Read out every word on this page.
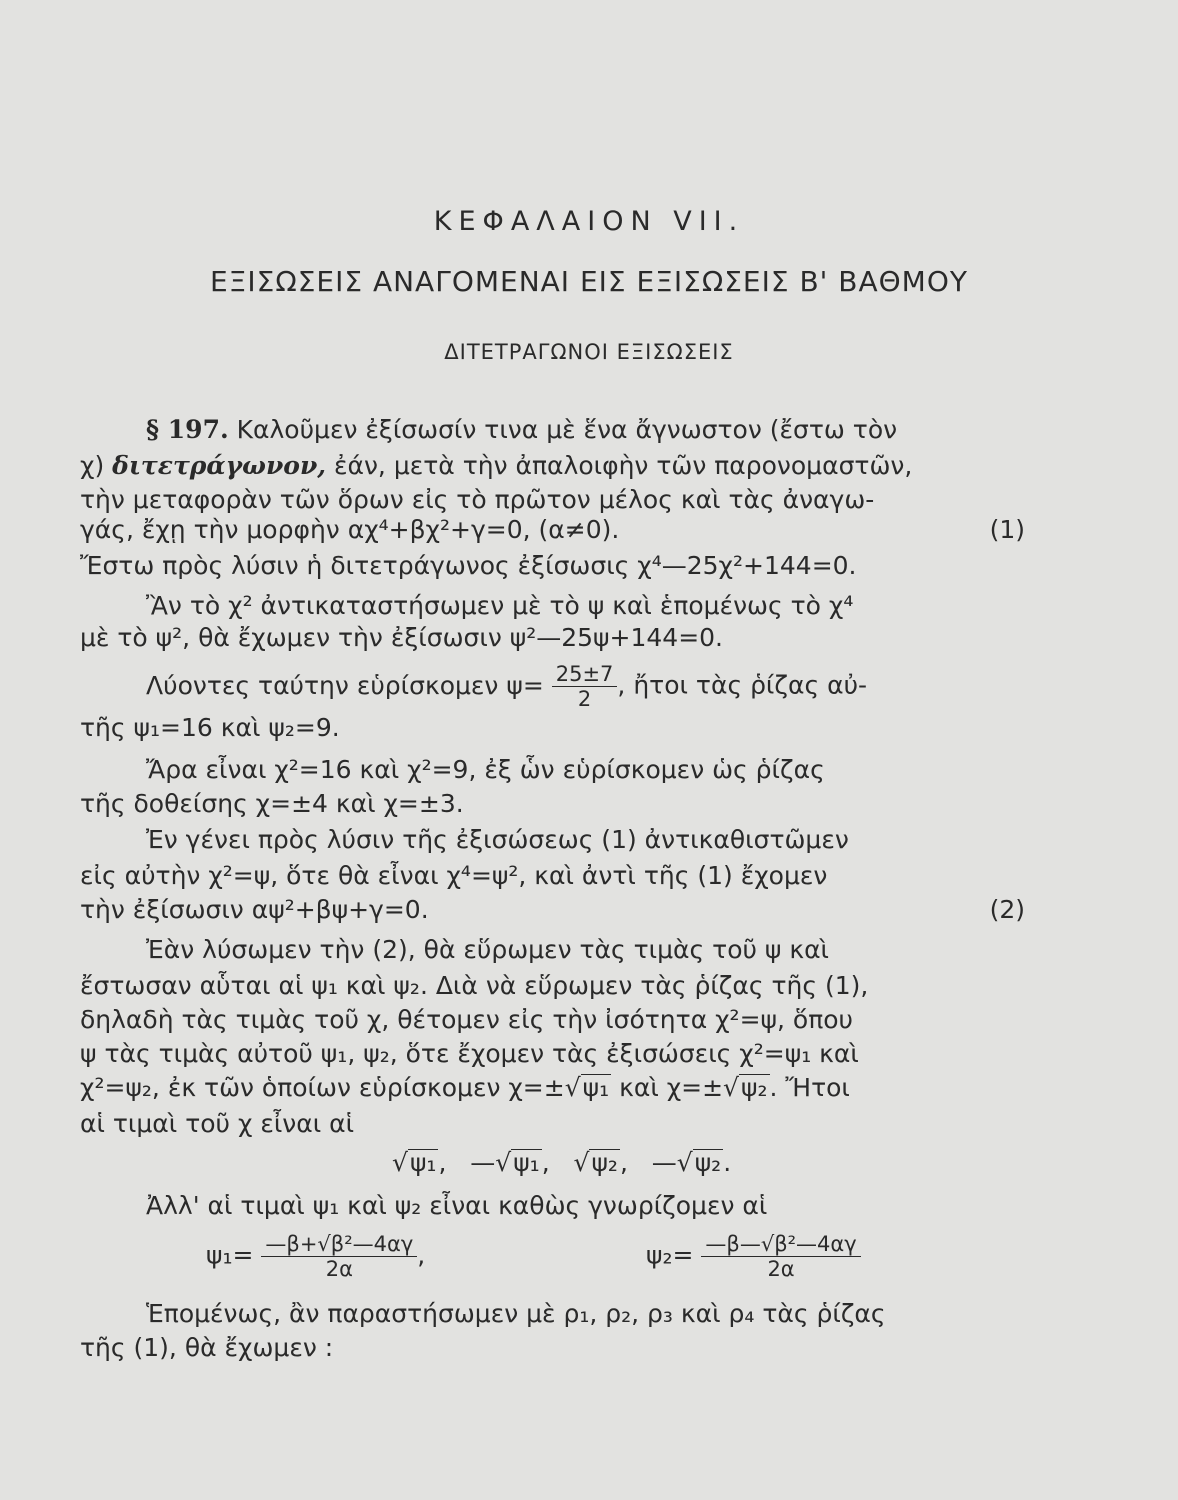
ΚΕΦΑΛΑΙΟΝ VII.
ΕΞΙΣΩΣΕΙΣ ΑΝΑΓΟΜΕΝΑΙ ΕΙΣ ΕΞΙΣΩΣΕΙΣ Β' ΒΑΘΜΟΥ
ΔΙΤΕΤΡΑΓΩΝΟΙ ΕΞΙΣΩΣΕΙΣ
§ 197. Καλοῦμεν ἐξίσωσίν τινα μὲ ἕνα ἄγνωστον (ἔστω τὸν
χ) διτετράγωνον, ἐάν, μετὰ τὴν ἀπαλοιφὴν τῶν παρονομαστῶν,
τὴν μεταφορὰν τῶν ὅρων εἰς τὸ πρῶτον μέλος καὶ τὰς ἀναγω-
γάς, ἔχῃ τὴν μορφὴν αχ⁴+βχ²+γ=0, (α≠0).	(1)
Ἔστω πρὸς λύσιν ἡ διτετράγωνος ἐξίσωσις χ⁴—25χ²+144=0.
Ἂν τὸ χ² ἀντικαταστήσωμεν μὲ τὸ ψ καὶ ἑπομένως τὸ χ⁴
μὲ τὸ ψ², θὰ ἔχωμεν τὴν ἐξίσωσιν ψ²—25ψ+144=0.
Λύοντες ταύτην εὑρίσκομεν $\psi= \frac{25\pm 7}{2}$ , ἤτοι τὰς ῥίζας αὐ-
τῆς ψ₁=16 καὶ ψ₂=9.
Ἄρα εἶναι χ²=16 καὶ χ²=9, ἐξ ὧν εὑρίσκομεν ὡς ῥίζας
τῆς δοθείσης χ=±4 καὶ χ=±3.
Ἐν γένει πρὸς λύσιν τῆς ἐξισώσεως (1) ἀντικαθιστῶμεν
εἰς αὐτὴν χ²=ψ, ὅτε θὰ εἶναι χ⁴=ψ², καὶ ἀντὶ τῆς (1) ἔχομεν
τὴν ἐξίσωσιν αψ²+βψ+γ=0.	(2)
Ἐὰν λύσωμεν τὴν (2), θὰ εὕρωμεν τὰς τιμὰς τοῦ ψ καὶ
ἔστωσαν αὗται αἱ ψ₁ καὶ ψ₂. Διὰ νὰ εὕρωμεν τὰς ῥίζας τῆς (1),
δηλαδὴ τὰς τιμὰς τοῦ χ, θέτομεν εἰς τὴν ἰσότητα χ²=ψ, ὅπου
ψ τὰς τιμὰς αὐτοῦ ψ₁, ψ₂, ὅτε ἔχομεν τὰς ἐξισώσεις χ²=ψ₁ καὶ
χ²=ψ₂, ἐκ τῶν ὁποίων εὑρίσκομεν χ=±√ψ₁ καὶ χ=±√ψ₂. Ἤτοι
αἱ τιμαὶ τοῦ χ εἶναι αἱ
√ψ₁,   —√ψ₁,   √ψ₂,   —√ψ₂.
Ἀλλ' αἱ τιμαὶ ψ₁ καὶ ψ₂ εἶναι καθὼς γνωρίζομεν αἱ
$\psi_1= \frac{\text{—β+√β²—4αγ}}{2\alpha}$ ,	$\psi_2= \frac{\text{—β—√β²—4αγ}}{2\alpha}$
Ἑπομένως, ἂν παραστήσωμεν μὲ ρ₁, ρ₂, ρ₃ καὶ ρ₄ τὰς ῥίζας
τῆς (1), θὰ ἔχωμεν :
